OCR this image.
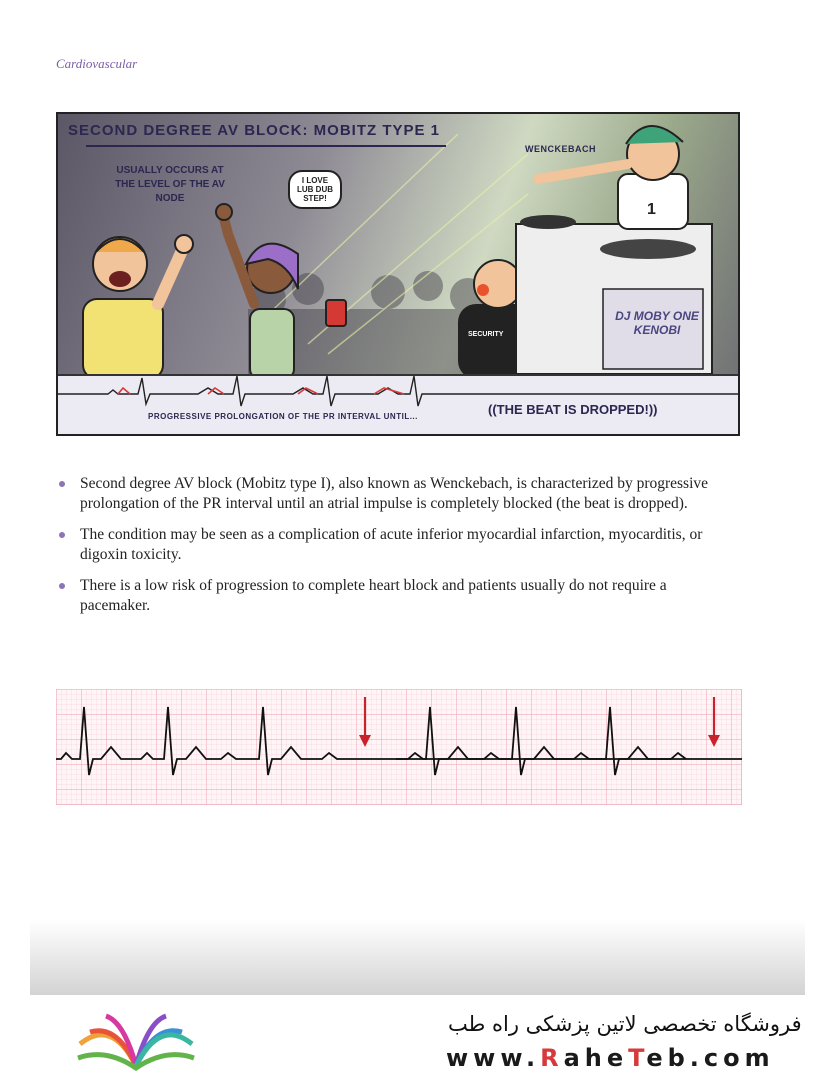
Cardiovascular
1
SECURITY
SECOND DEGREE AV BLOCK: MOBITZ TYPE 1
USUALLY OCCURS AT THE LEVEL OF THE AV NODE
I LOVE LUB DUB STEP!
WENCKEBACH
DJ MOBY ONE KENOBI
PROGRESSIVE PROLONGATION OF THE PR INTERVAL UNTIL...	((THE BEAT IS DROPPED!))
Second degree AV block (Mobitz type I), also known as Wenckebach, is characterized by progressive prolongation of the PR interval until an atrial impulse is completely blocked (the beat is dropped).
The condition may be seen as a complication of acute inferior myocardial infarction, myocarditis, or digoxin toxicity.
There is a low risk of progression to complete heart block and patients usually do not require a pacemaker.
فروشگاه تخصصی لاتین پزشکی راه طب
www.RaheTeb.com
